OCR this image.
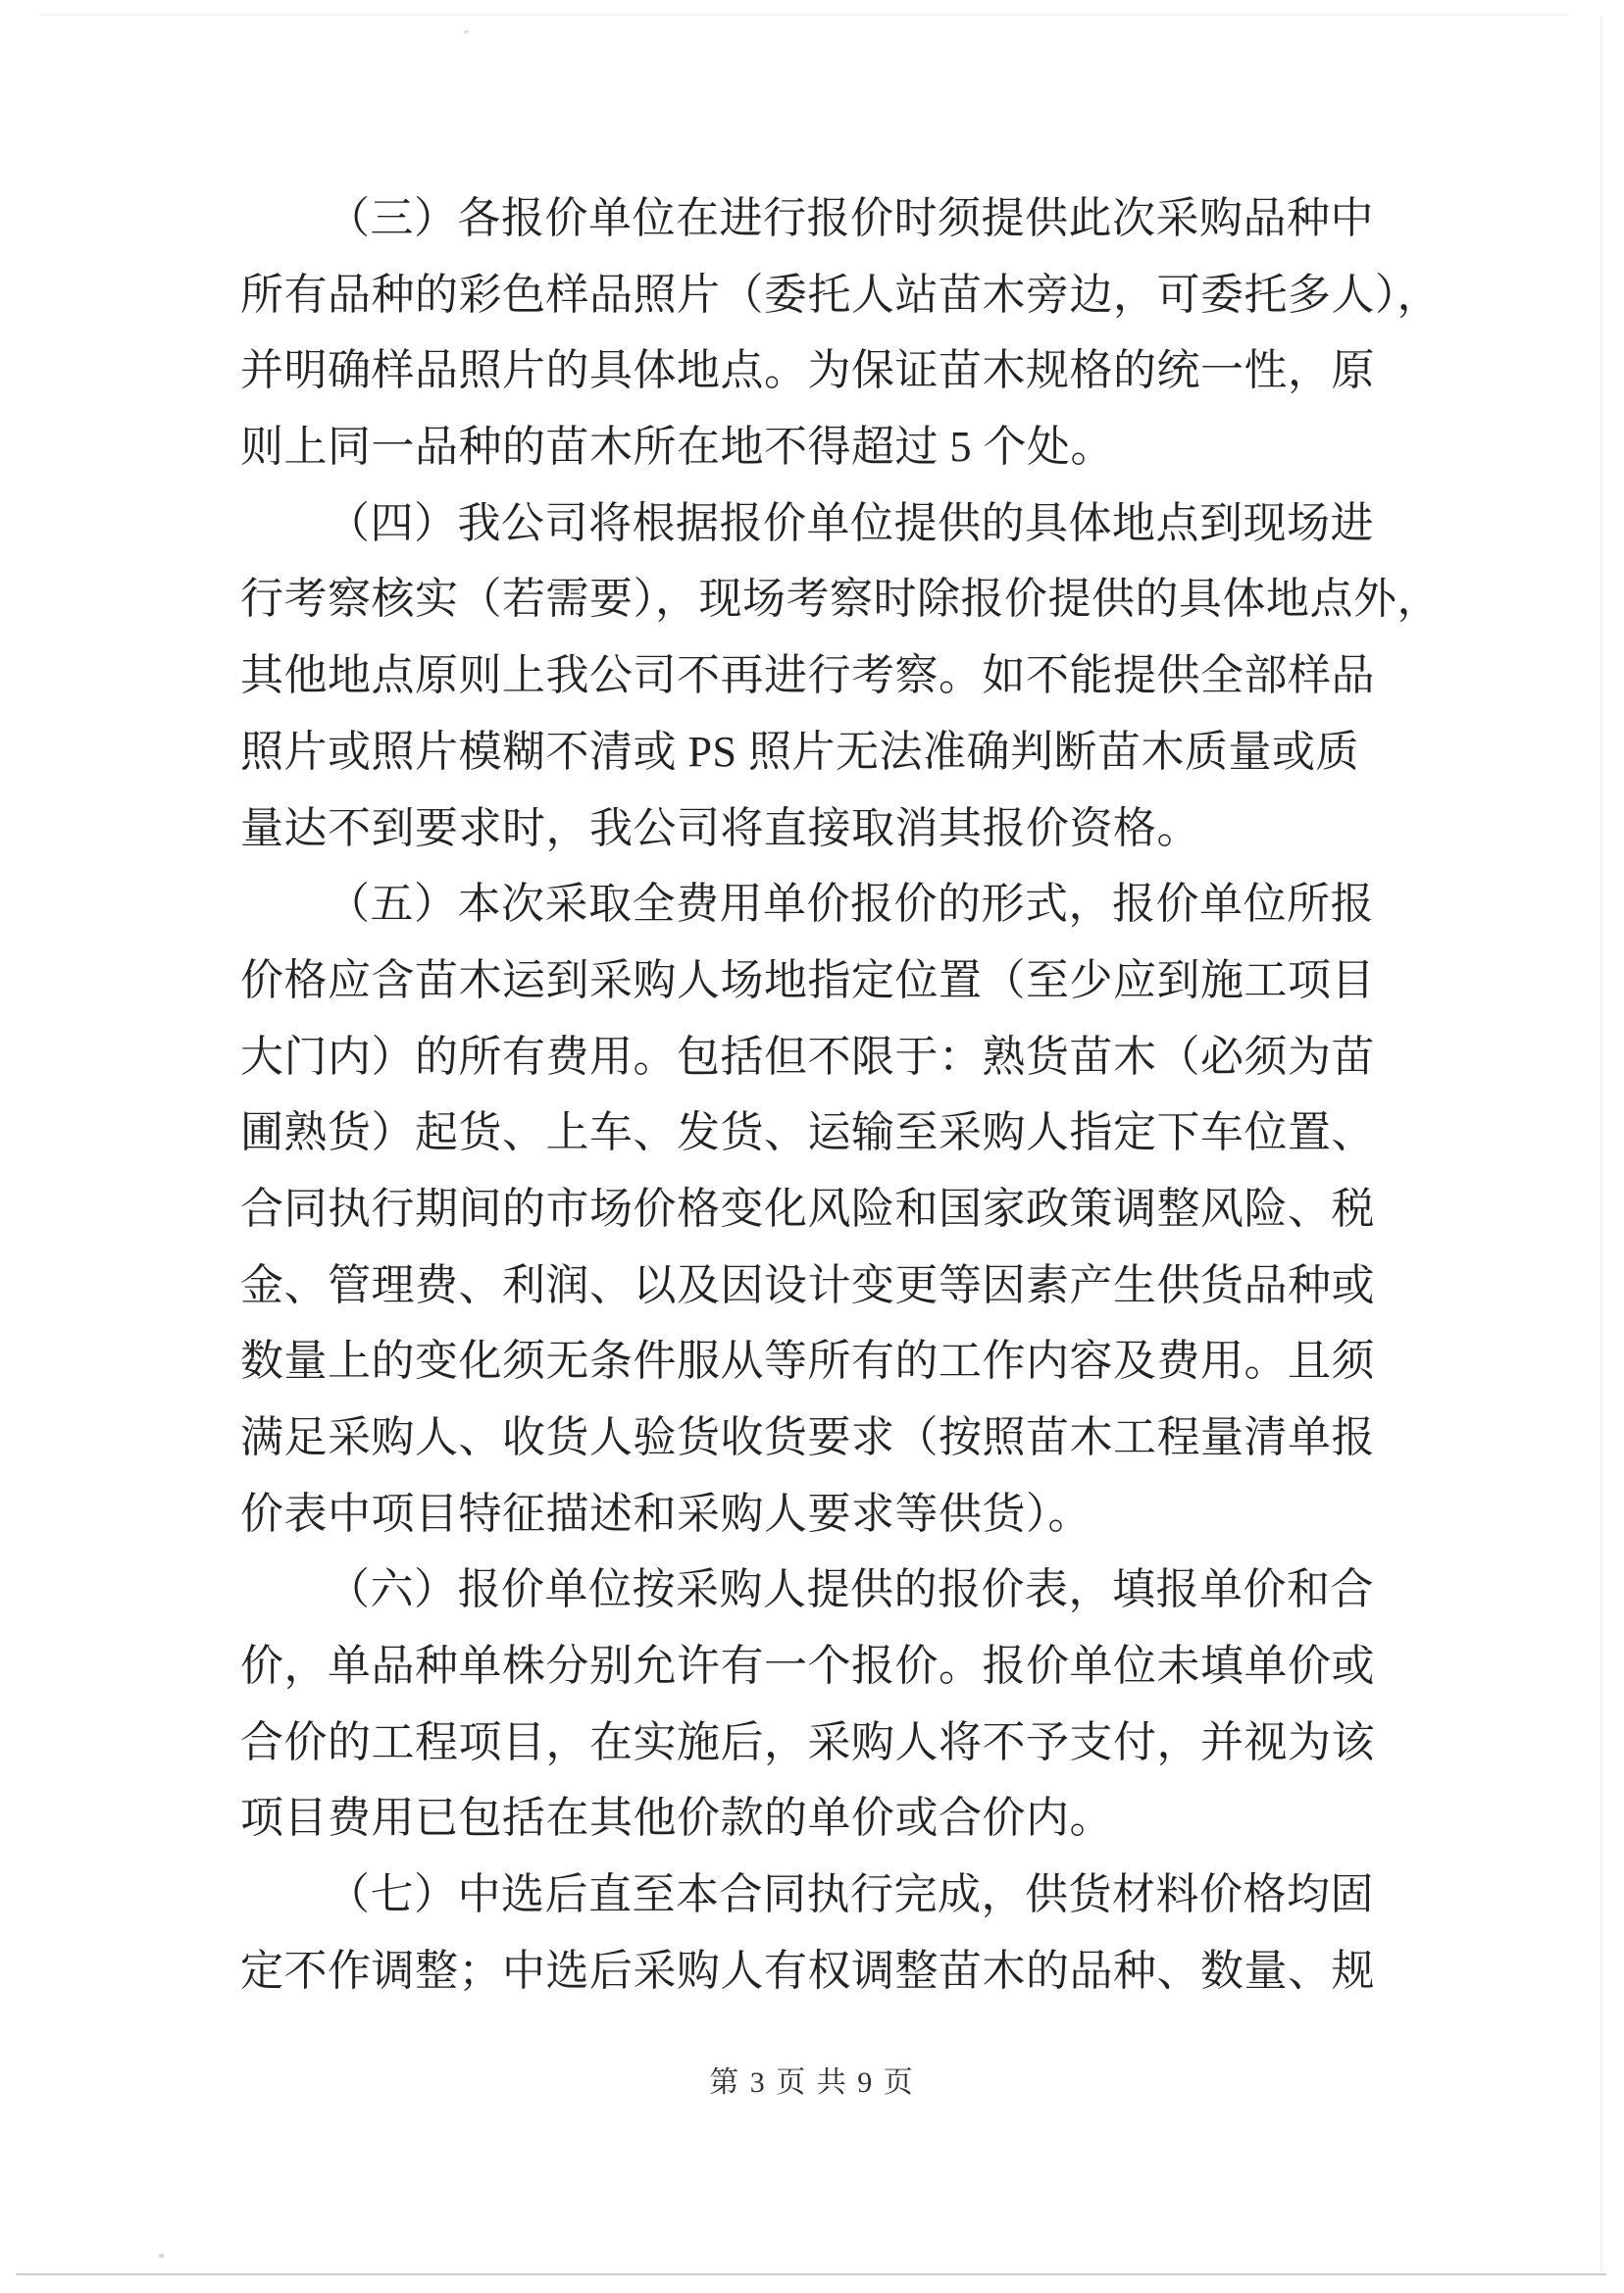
（三）各报价单位在进行报价时须提供此次采购品种中
所有品种的彩色样品照片（委托人站苗木旁边，可委托多人），
并明确样品照片的具体地点。为保证苗木规格的统一性，原
则上同一品种的苗木所在地不得超过 5 个处。
（四）我公司将根据报价单位提供的具体地点到现场进
行考察核实（若需要），现场考察时除报价提供的具体地点外，
其他地点原则上我公司不再进行考察。如不能提供全部样品
照片或照片模糊不清或 PS 照片无法准确判断苗木质量或质
量达不到要求时，我公司将直接取消其报价资格。
（五）本次采取全费用单价报价的形式，报价单位所报
价格应含苗木运到采购人场地指定位置（至少应到施工项目
大门内）的所有费用。包括但不限于：熟货苗木（必须为苗
圃熟货）起货、上车、发货、运输至采购人指定下车位置、
合同执行期间的市场价格变化风险和国家政策调整风险、税
金、管理费、利润、以及因设计变更等因素产生供货品种或
数量上的变化须无条件服从等所有的工作内容及费用。且须
满足采购人、收货人验货收货要求（按照苗木工程量清单报
价表中项目特征描述和采购人要求等供货）。
（六）报价单位按采购人提供的报价表，填报单价和合
价，单品种单株分别允许有一个报价。报价单位未填单价或
合价的工程项目，在实施后，采购人将不予支付，并视为该
项目费用已包括在其他价款的单价或合价内。
（七）中选后直至本合同执行完成，供货材料价格均固
定不作调整；中选后采购人有权调整苗木的品种、数量、规
第 3 页 共 9 页
